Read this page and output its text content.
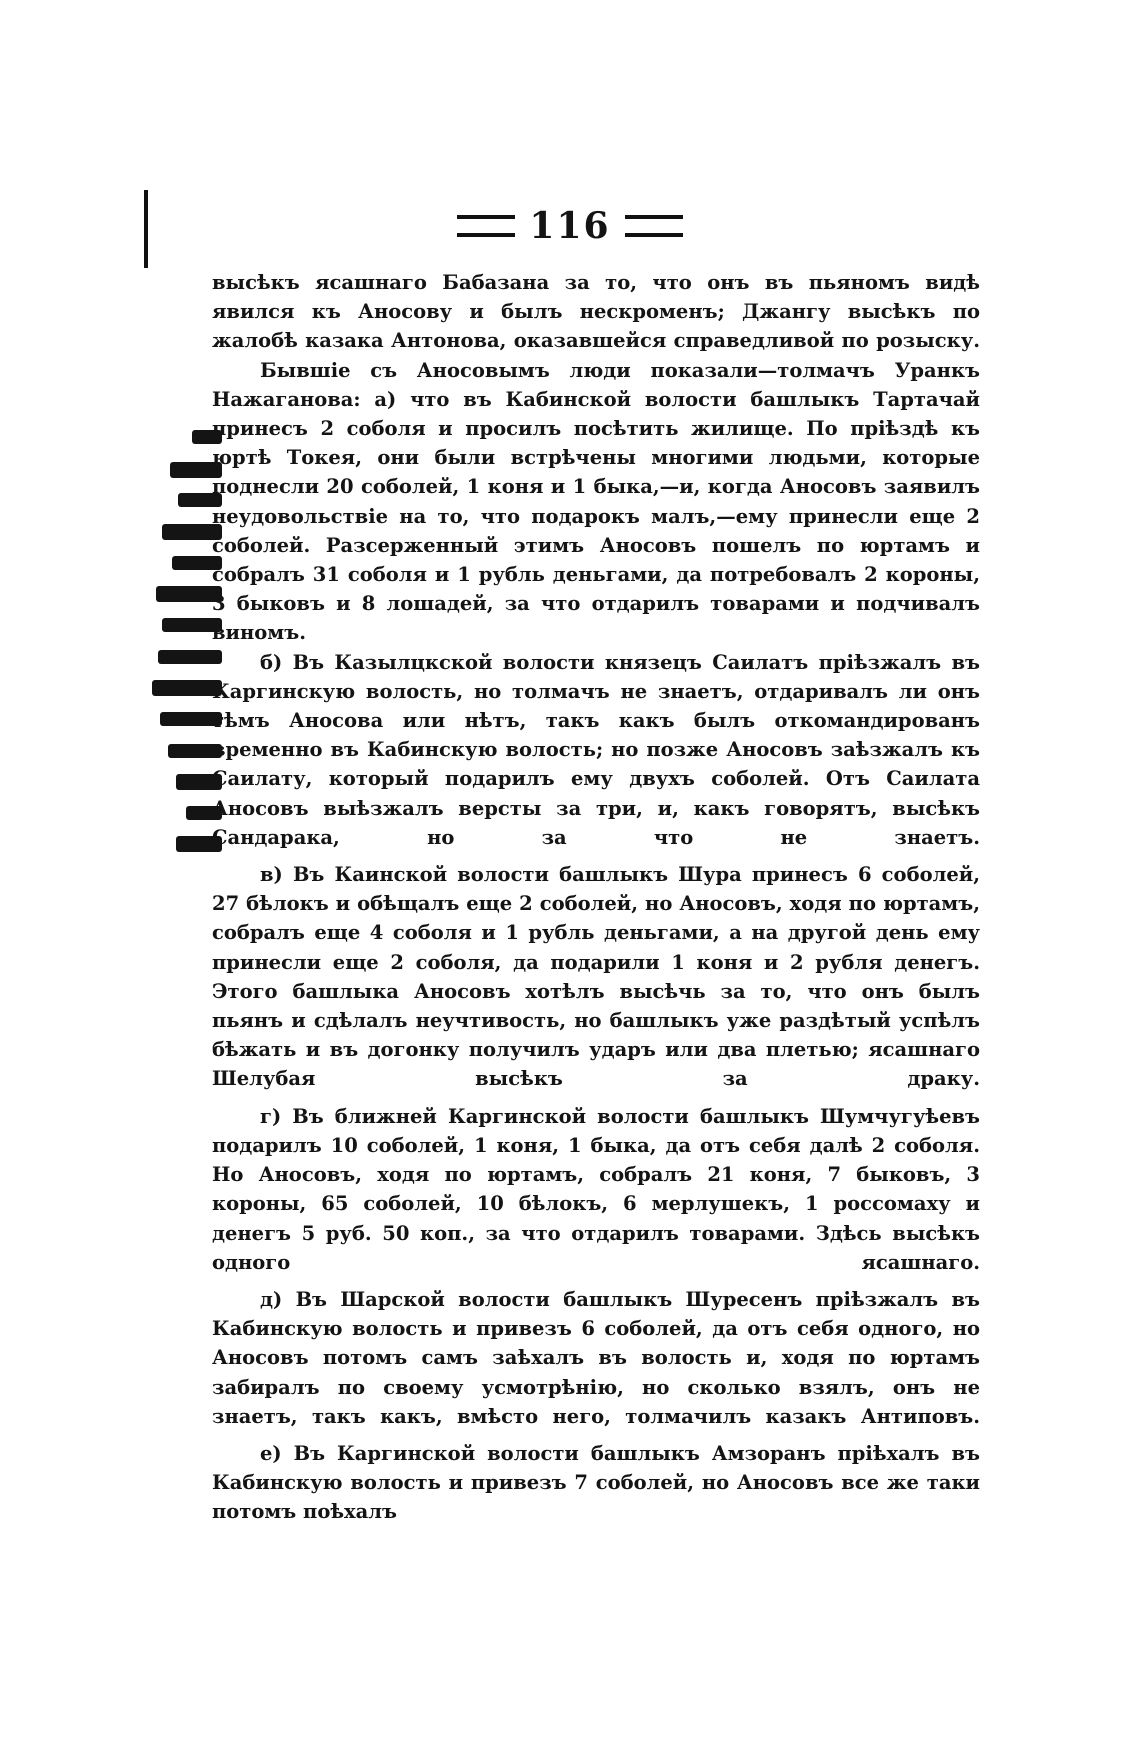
116

высѣкъ ясашнаго Бабазана за то, что онъ въ пьяномъ видѣ явился къ Аносову и былъ нескроменъ; Джангу высѣкъ по жалобѣ казака Антонова, оказавшейся справедливой по розыску.

Бывшіе съ Аносовымъ люди показали—толмачъ Уранкъ Нажаганова: а) что въ Кабинской волости башлыкъ Тартачай принесъ 2 соболя и просилъ посѣтить жилище. По пріѣздѣ къ юртѣ Токея, они были встрѣчены многими людьми, которые поднесли 20 соболей, 1 коня и 1 быка,—и, когда Аносовъ заявилъ неудовольствіе на то, что подарокъ малъ,—ему принесли еще 2 соболей. Разсерженный этимъ Аносовъ пошелъ по юртамъ и собралъ 31 соболя и 1 рубль деньгами, да потребовалъ 2 короны, 3 быковъ и 8 лошадей, за что отдарилъ товарами и подчивалъ виномъ.

б) Въ Казылцкской волости князецъ Саилатъ пріѣзжалъ въ Каргинскую волость, но толмачъ не знаетъ, отдаривалъ ли онъ тѣмъ Аносова или нѣтъ, такъ какъ былъ откомандированъ временно въ Кабинскую волость; но позже Аносовъ заѣзжалъ къ Саилату, который подарилъ ему двухъ соболей. Отъ Саилата Аносовъ выѣзжалъ версты за три, и, какъ говорятъ, высѣкъ Сандарака, но за что не знаетъ.

в) Въ Каинской волости башлыкъ Шура принесъ 6 соболей, 27 бѣлокъ и обѣщалъ еще 2 соболей, но Аносовъ, ходя по юртамъ, собралъ еще 4 соболя и 1 рубль деньгами, а на другой день ему принесли еще 2 соболя, да подарили 1 коня и 2 рубля денегъ. Этого башлыка Аносовъ хотѣлъ высѣчь за то, что онъ былъ пьянъ и сдѣлалъ неучтивость, но башлыкъ уже раздѣтый успѣлъ бѣжать и въ догонку получилъ ударъ или два плетью; ясашнаго Шелубая высѣкъ за драку.

г) Въ ближней Каргинской волости башлыкъ Шумчугуѣевъ подарилъ 10 соболей, 1 коня, 1 быка, да отъ себя далѣ 2 соболя. Но Аносовъ, ходя по юртамъ, собралъ 21 коня, 7 быковъ, 3 короны, 65 соболей, 10 бѣлокъ, 6 мерлушекъ, 1 россомаху и денегъ 5 руб. 50 коп., за что отдарилъ товарами. Здѣсь высѣкъ одного ясашнаго.

д) Въ Шарской волости башлыкъ Шуресенъ пріѣзжалъ въ Кабинскую волость и привезъ 6 соболей, да отъ себя одного, но Аносовъ потомъ самъ заѣхалъ въ волость и, ходя по юртамъ забиралъ по своему усмотрѣнію, но сколько взялъ, онъ не знаетъ, такъ какъ, вмѣсто него, толмачилъ казакъ Антиповъ.

е) Въ Каргинской волости башлыкъ Амзоранъ пріѣхалъ въ Кабинскую волость и привезъ 7 соболей, но Аносовъ все же таки потомъ поѣхалъ
